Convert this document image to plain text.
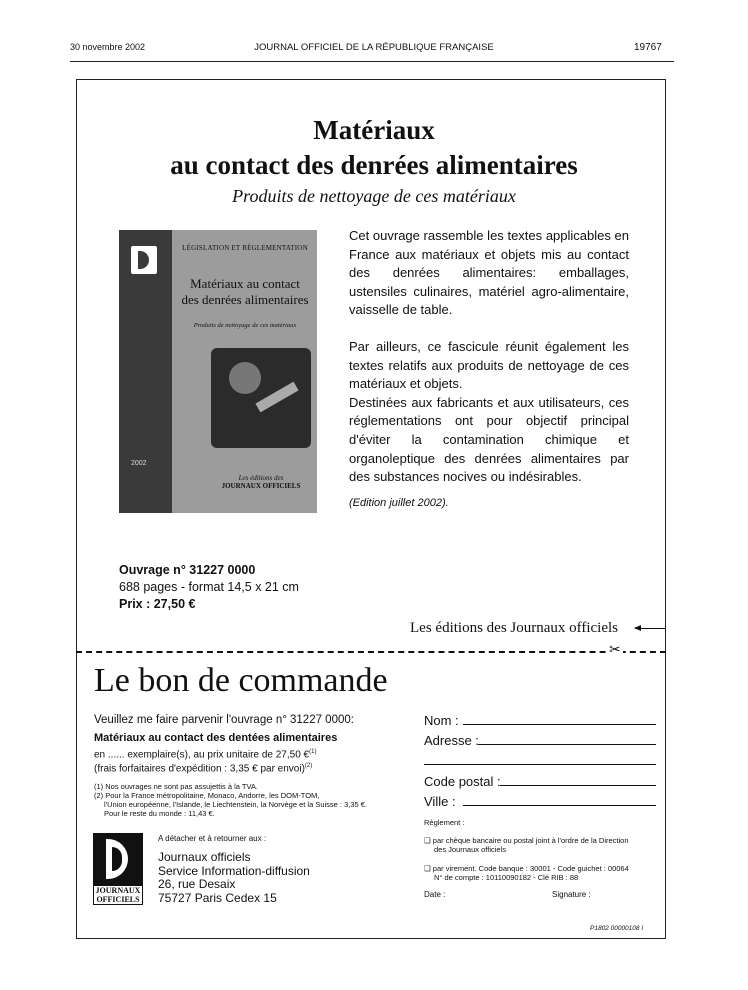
30 novembre 2002	JOURNAL OFFICIEL DE LA RÉPUBLIQUE FRANÇAISE	19767
Matériaux
au contact des denrées alimentaires
Produits de nettoyage de ces matériaux
LÉGISLATION ET RÉGLEMENTATION
Matériaux au contact
des denrées alimentaires
Produits de nettoyage de ces matériaux
2002
Les éditions des
JOURNAUX OFFICIELS

Cet ouvrage rassemble les textes applicables en France aux matériaux et objets mis au contact des denrées alimentaires: emballages, ustensiles culinaires, matériel agro-alimentaire, vaisselle de table.

Par ailleurs, ce fascicule réunit également les textes relatifs aux produits de nettoyage de ces matériaux et objets.

Destinées aux fabricants et aux utilisateurs, ces réglementations ont pour objectif principal d'éviter la contamination chimique et organoleptique des denrées alimentaires par des substances nocives ou indésirables.

(Edition juillet 2002).
Ouvrage n° 31227 0000
688 pages - format 14,5 x 21 cm
Prix : 27,50 €
Les éditions des Journaux officiels
✂
Le bon de commande
Veuillez me faire parvenir l'ouvrage n° 31227 0000:
Matériaux au contact des dentées alimentaires
en ...... exemplaire(s), au prix unitaire de 27,50 €$^{(1)}$
(frais forfaitaires d'expédition : 3,35 € par envoi)$^{(2)}$
(1) Nos ouvrages ne sont pas assujettis à la TVA.
(2) Pour la France métropolitaine, Monaco, Andorre, les DOM-TOM,
l'Union européenne, l'Islande, le Liechtenstein, la Norvège et la Suisse : 3,35 €.
Pour le reste du monde : 11,43 €.
JOURNAUX
OFFICIELS
A détacher et à retourner aux :
Journaux officiels
Service Information-diffusion
26, rue Desaix
75727 Paris Cedex 15
Nom :
Adresse :
Code postal :
Ville :
Règlement :
❑ par chèque bancaire ou postal joint à l'ordre de la Direction
des Journaux officiels
❑ par virement. Code banque : 30001 - Code guichet : 00064
N° de compte : 10110090182 - Clé RIB : 88
Date :	Signature :
P1802 00000108 I
